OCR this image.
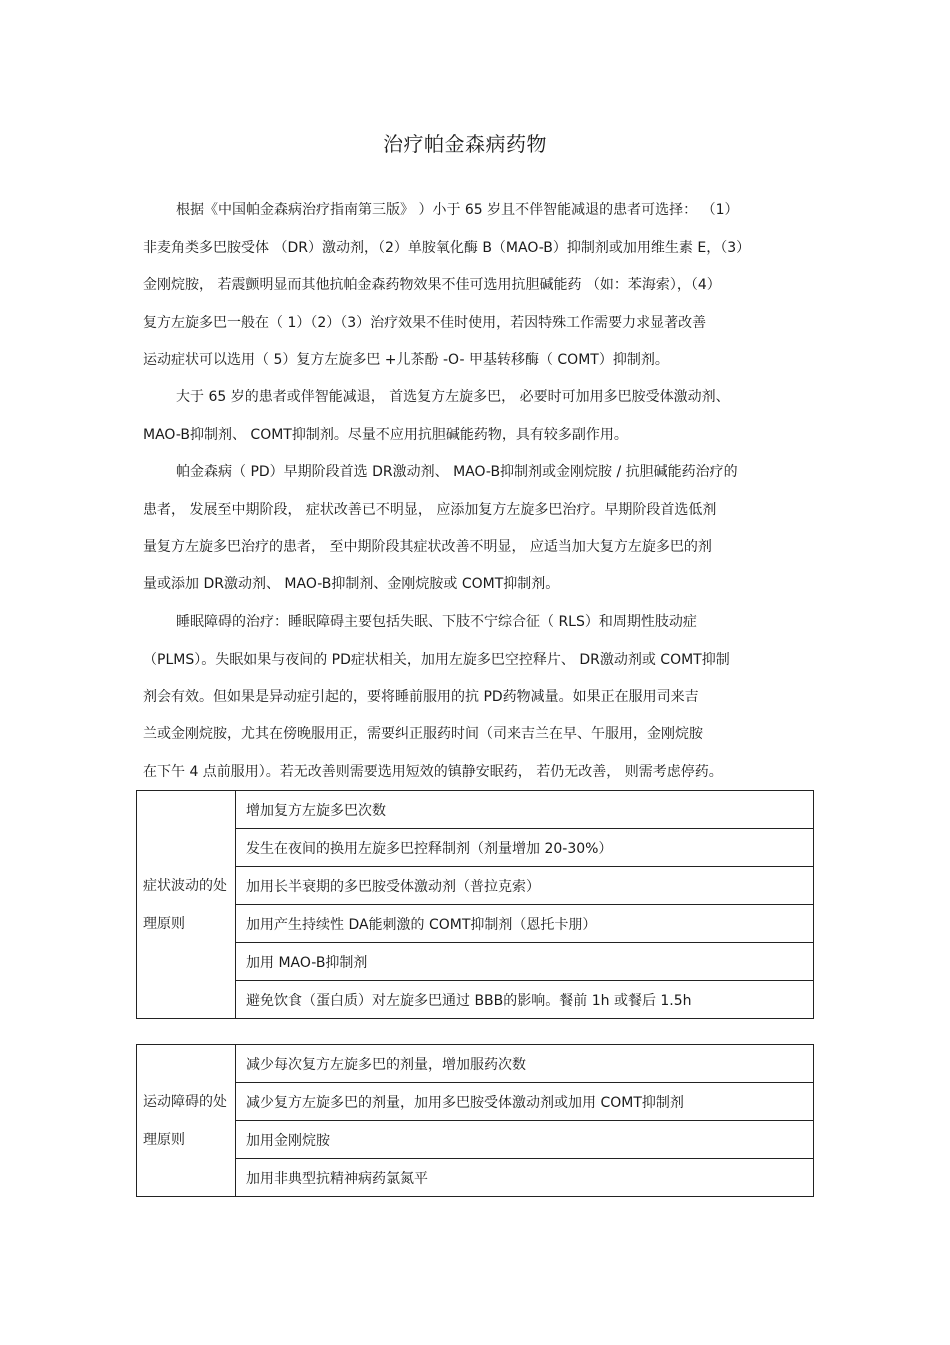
治疗帕金森病药物
根据《中国帕金森病治疗指南第三版》 ）小于 65 岁且不伴智能减退的患者可选择： （1）
非麦角类多巴胺受体 （DR）激动剂，（2）单胺氧化酶 B（MAO-B）抑制剂或加用维生素 E，（3）
金刚烷胺， 若震颤明显而其他抗帕金森药物效果不佳可选用抗胆碱能药 （如：苯海索），（4）
复方左旋多巴一般在（ 1）（2）（3）治疗效果不佳时使用，若因特殊工作需要力求显著改善
运动症状可以选用（ 5）复方左旋多巴 +儿茶酚 -O- 甲基转移酶（ COMT）抑制剂。
大于 65 岁的患者或伴智能减退， 首选复方左旋多巴， 必要时可加用多巴胺受体激动剂、
MAO-B抑制剂、 COMT抑制剂。尽量不应用抗胆碱能药物，具有较多副作用。
帕金森病（ PD）早期阶段首选 DR激动剂、 MAO-B抑制剂或金刚烷胺 / 抗胆碱能药治疗的
患者， 发展至中期阶段， 症状改善已不明显， 应添加复方左旋多巴治疗。早期阶段首选低剂
量复方左旋多巴治疗的患者， 至中期阶段其症状改善不明显， 应适当加大复方左旋多巴的剂
量或添加 DR激动剂、 MAO-B抑制剂、金刚烷胺或 COMT抑制剂。
睡眠障碍的治疗：睡眠障碍主要包括失眠、下肢不宁综合征（ RLS）和周期性肢动症
（PLMS）。失眠如果与夜间的 PD症状相关，加用左旋多巴空控释片、 DR激动剂或 COMT抑制
剂会有效。但如果是异动症引起的，要将睡前服用的抗 PD药物减量。如果正在服用司来吉
兰或金刚烷胺，尤其在傍晚服用正，需要纠正服药时间（司来吉兰在早、午服用，金刚烷胺
在下午 4 点前服用）。若无改善则需要选用短效的镇静安眠药， 若仍无改善， 则需考虑停药。
症状波动的处理原则	增加复方左旋多巴次数
发生在夜间的换用左旋多巴控释制剂（剂量增加 20-30%）
加用长半衰期的多巴胺受体激动剂（普拉克索）
加用产生持续性 DA能刺激的 COMT抑制剂（恩托卡朋）
加用 MAO-B抑制剂
避免饮食（蛋白质）对左旋多巴通过 BBB的影响。餐前 1h 或餐后 1.5h
运动障碍的处理原则	减少每次复方左旋多巴的剂量，增加服药次数
减少复方左旋多巴的剂量，加用多巴胺受体激动剂或加用 COMT抑制剂
加用金刚烷胺
加用非典型抗精神病药氯氮平
